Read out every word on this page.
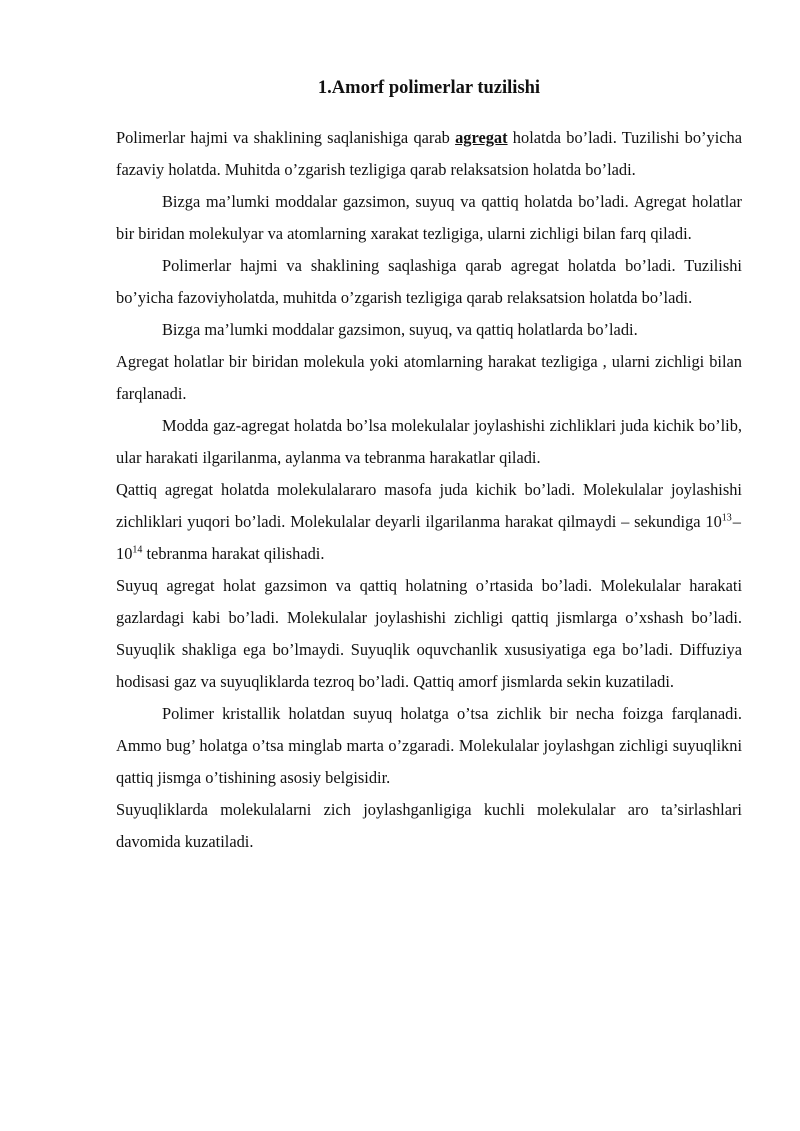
1.Amorf polimerlar tuzilishi

Polimerlar hajmi va shaklining saqlanishiga qarab agregat holatda bo’ladi. Tuzilishi bo’yicha fazaviy holatda. Muhitda o’zgarish tezligiga qarab relaksatsion holatda bo’ladi.

Bizga ma’lumki moddalar gazsimon, suyuq va qattiq holatda bo’ladi. Agregat holatlar bir biridan molekulyar va atomlarning xarakat tezligiga, ularni zichligi bilan farq qiladi.

Polimerlar hajmi va shaklining saqlashiga qarab agregat holatda bo’ladi. Tuzilishi bo’yicha fazoviyholatda, muhitda o’zgarish tezligiga qarab relaksatsion holatda bo’ladi.

Bizga ma’lumki moddalar gazsimon, suyuq, va qattiq holatlarda bo’ladi.

Agregat holatlar bir biridan molekula yoki atomlarning harakat tezligiga , ularni zichligi bilan farqlanadi.

Modda gaz-agregat holatda bo’lsa molekulalar joylashishi zichliklari juda kichik bo’lib, ular harakati ilgarilanma, aylanma va tebranma harakatlar qiladi.

Qattiq agregat holatda molekulalararo masofa juda kichik bo’ladi. Molekulalar joylashishi zichliklari yuqori bo’ladi. Molekulalar deyarli ilgarilanma harakat qilmaydi – sekundiga $10^{13}-10^{14}$ tebranma harakat qilishadi.

Suyuq agregat holat gazsimon va qattiq holatning o’rtasida bo’ladi. Molekulalar harakati gazlardagi kabi bo’ladi. Molekulalar joylashishi zichligi qattiq jismlarga o’xshash bo’ladi. Suyuqlik shakliga ega bo’lmaydi. Suyuqlik oquvchanlik xususiyatiga ega bo’ladi. Diffuziya hodisasi gaz va suyuqliklarda tezroq bo’ladi. Qattiq amorf jismlarda sekin kuzatiladi.

Polimer kristallik holatdan suyuq holatga o’tsa zichlik bir necha foizga farqlanadi. Ammo bug’ holatga o’tsa minglab marta o’zgaradi. Molekulalar joylashgan zichligi suyuqlikni qattiq jismga o’tishining asosiy belgisidir.

Suyuqliklarda molekulalarni zich joylashganligiga kuchli molekulalar aro ta’sirlashlari davomida kuzatiladi.
